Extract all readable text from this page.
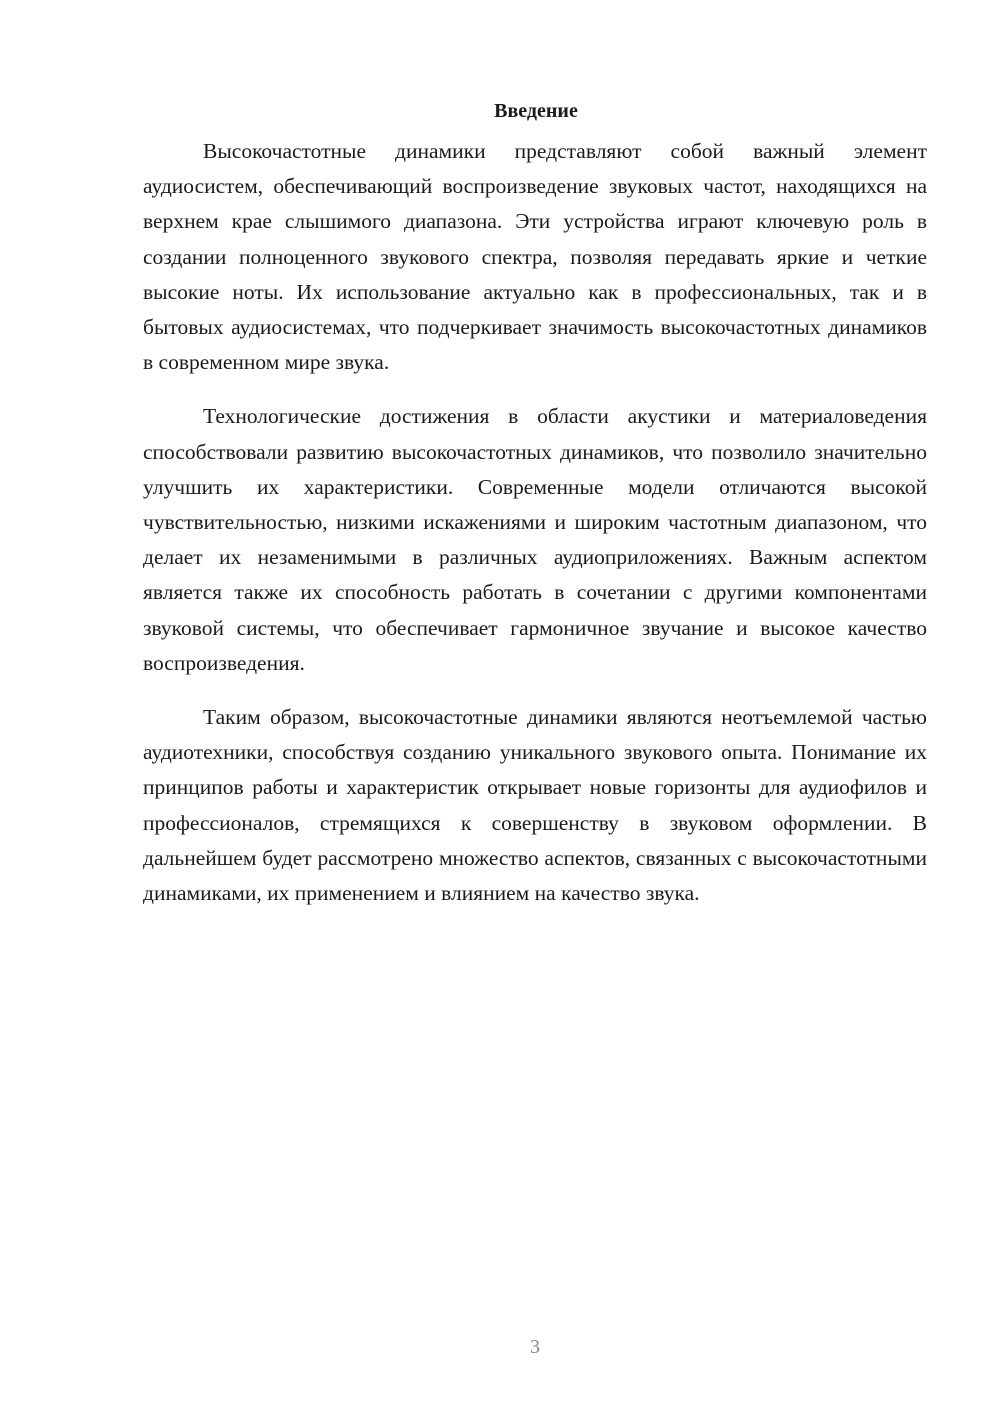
Введение

Высокочастотные динамики представляют собой важный элемент аудиосистем, обеспечивающий воспроизведение звуковых частот, находящихся на верхнем крае слышимого диапазона. Эти устройства играют ключевую роль в создании полноценного звукового спектра, позволяя передавать яркие и четкие высокие ноты. Их использование актуально как в профессиональных, так и в бытовых аудиосистемах, что подчеркивает значимость высокочастотных динамиков в современном мире звука.

Технологические достижения в области акустики и материаловедения способствовали развитию высокочастотных динамиков, что позволило значительно улучшить их характеристики. Современные модели отличаются высокой чувствительностью, низкими искажениями и широким частотным диапазоном, что делает их незаменимыми в различных аудиоприложениях. Важным аспектом является также их способность работать в сочетании с другими компонентами звуковой системы, что обеспечивает гармоничное звучание и высокое качество воспроизведения.

Таким образом, высокочастотные динамики являются неотъемлемой частью аудиотехники, способствуя созданию уникального звукового опыта. Понимание их принципов работы и характеристик открывает новые горизонты для аудиофилов и профессионалов, стремящихся к совершенству в звуковом оформлении. В дальнейшем будет рассмотрено множество аспектов, связанных с высокочастотными динамиками, их применением и влиянием на качество звука.

3
